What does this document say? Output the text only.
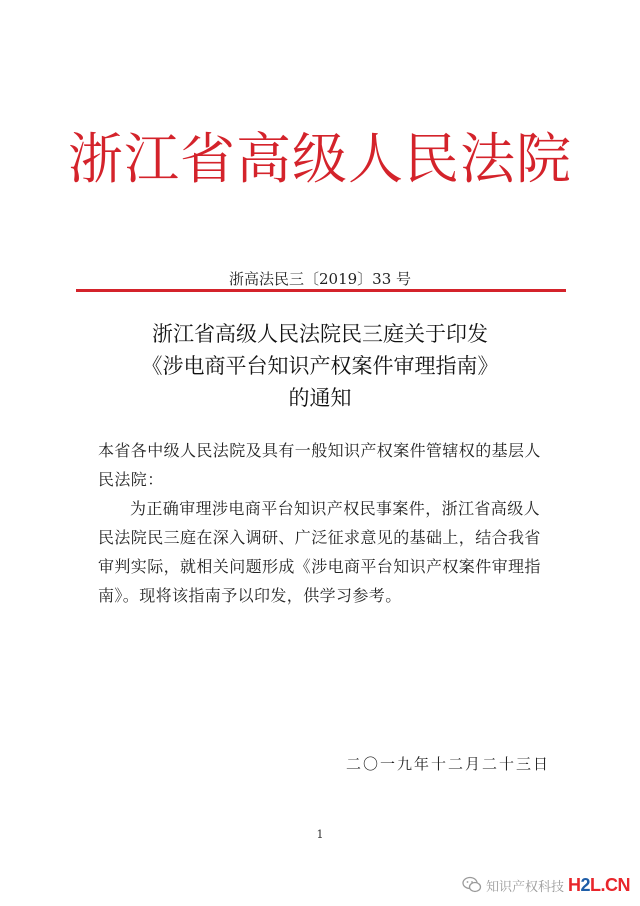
浙江省高级人民法院
浙高法民三〔2019〕33 号
浙江省高级人民法院民三庭关于印发
《涉电商平台知识产权案件审理指南》
的通知

本省各中级人民法院及具有一般知识产权案件管辖权的基层人民法院：

为正确审理涉电商平台知识产权民事案件，浙江省高级人民法院民三庭在深入调研、广泛征求意见的基础上，结合我省审判实际，就相关问题形成《涉电商平台知识产权案件审理指南》。现将该指南予以印发，供学习参考。

二〇一九年十二月二十三日
1
知识产权科技 H2L.CN
